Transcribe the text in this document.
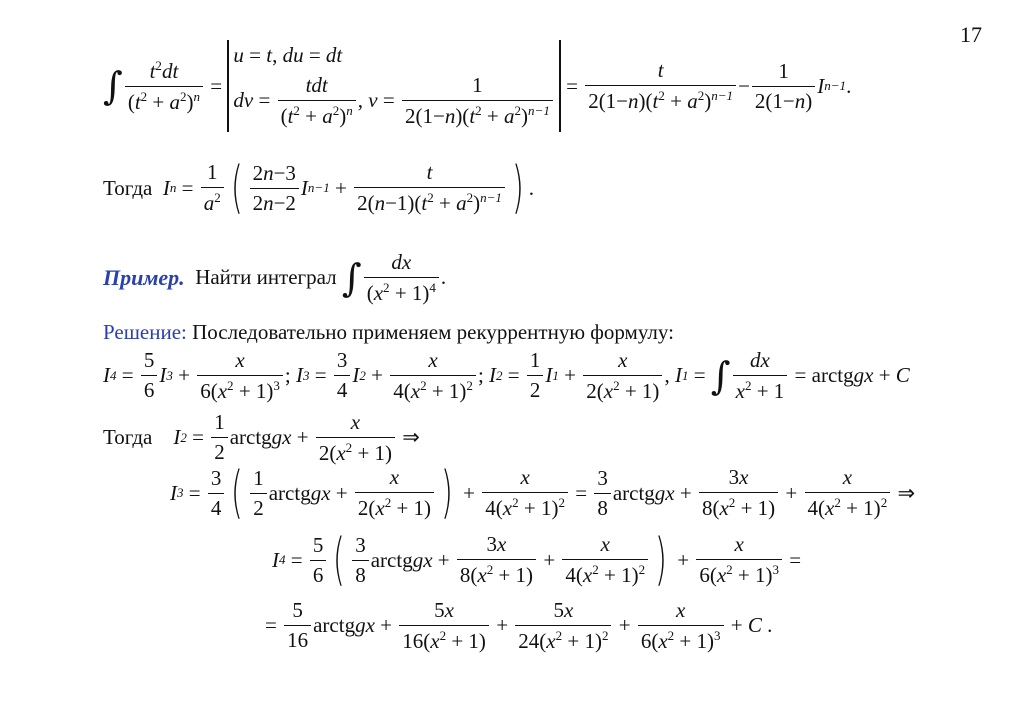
17
∫ $\frac{t^2dt}{(t^2 + a^2)^n}$ =
u = t, du = dt
dv = $\frac{\text{tdt}}{(t^2 + a^2)^n}$ , $v = \frac{1}{2(1-n)(t^2 + a^2)^{n-1}} = \frac{t}{2(1-n)(t^2 + a^2)^{n-1}} - \frac{1}{2(1-n)}$ I n−1 .
Тогда
I $n = \frac{1}{a^2}$ ( $\frac{2n-3}{2n-2}$ I $n-1 + \frac{t}{2(n-1)(t^2 + a^2)^{n-1}}$ ) .
Пример.
Найти интеграл
∫ $\frac{dx}{(x^2 + 1)^4}$ .
Решение: Последовательно применяем рекуррентную формулу:
I $4 = \frac{5}{6}$ I $3 + \frac{x}{6(x^2 + 1)^3}$ ; I $3 = \frac{3}{4}$ I $2 + \frac{x}{4(x^2 + 1)^2}$ ; I $2 = \frac{1}{2}$ I $1 + \frac{x}{2(x^2 + 1)}$ , I 1 = ∫ $\frac{dx}{x^2 + 1}$ = arctg gx + C
Тогда
I $2 = \frac{1}{2}$ arctg gx + $\frac{x}{2(x^2 + 1)}$ ⇒
I $3 = \frac{3}{4}$ ( $\frac{1}{2}$ arctg gx + $\frac{x}{2(x^2 + 1)}$ ) + $\frac{x}{4(x^2 + 1)^2} = \frac{3}{8}$ arctg gx + $\frac{3x}{8(x^2 + 1)} + \frac{x}{4(x^2 + 1)^2}$ ⇒
I $4 = \frac{5}{6}$ ( $\frac{3}{8}$ arctg gx + $\frac{3x}{8(x^2 + 1)} + \frac{x}{4(x^2 + 1)^2}$ ) + $\frac{x}{6(x^2 + 1)^3}$ =
= $\frac{5}{16}$ arctg gx + $\frac{5x}{16(x^2 + 1)} + \frac{5x}{24(x^2 + 1)^2} + \frac{x}{6(x^2 + 1)^3} + C$ .
